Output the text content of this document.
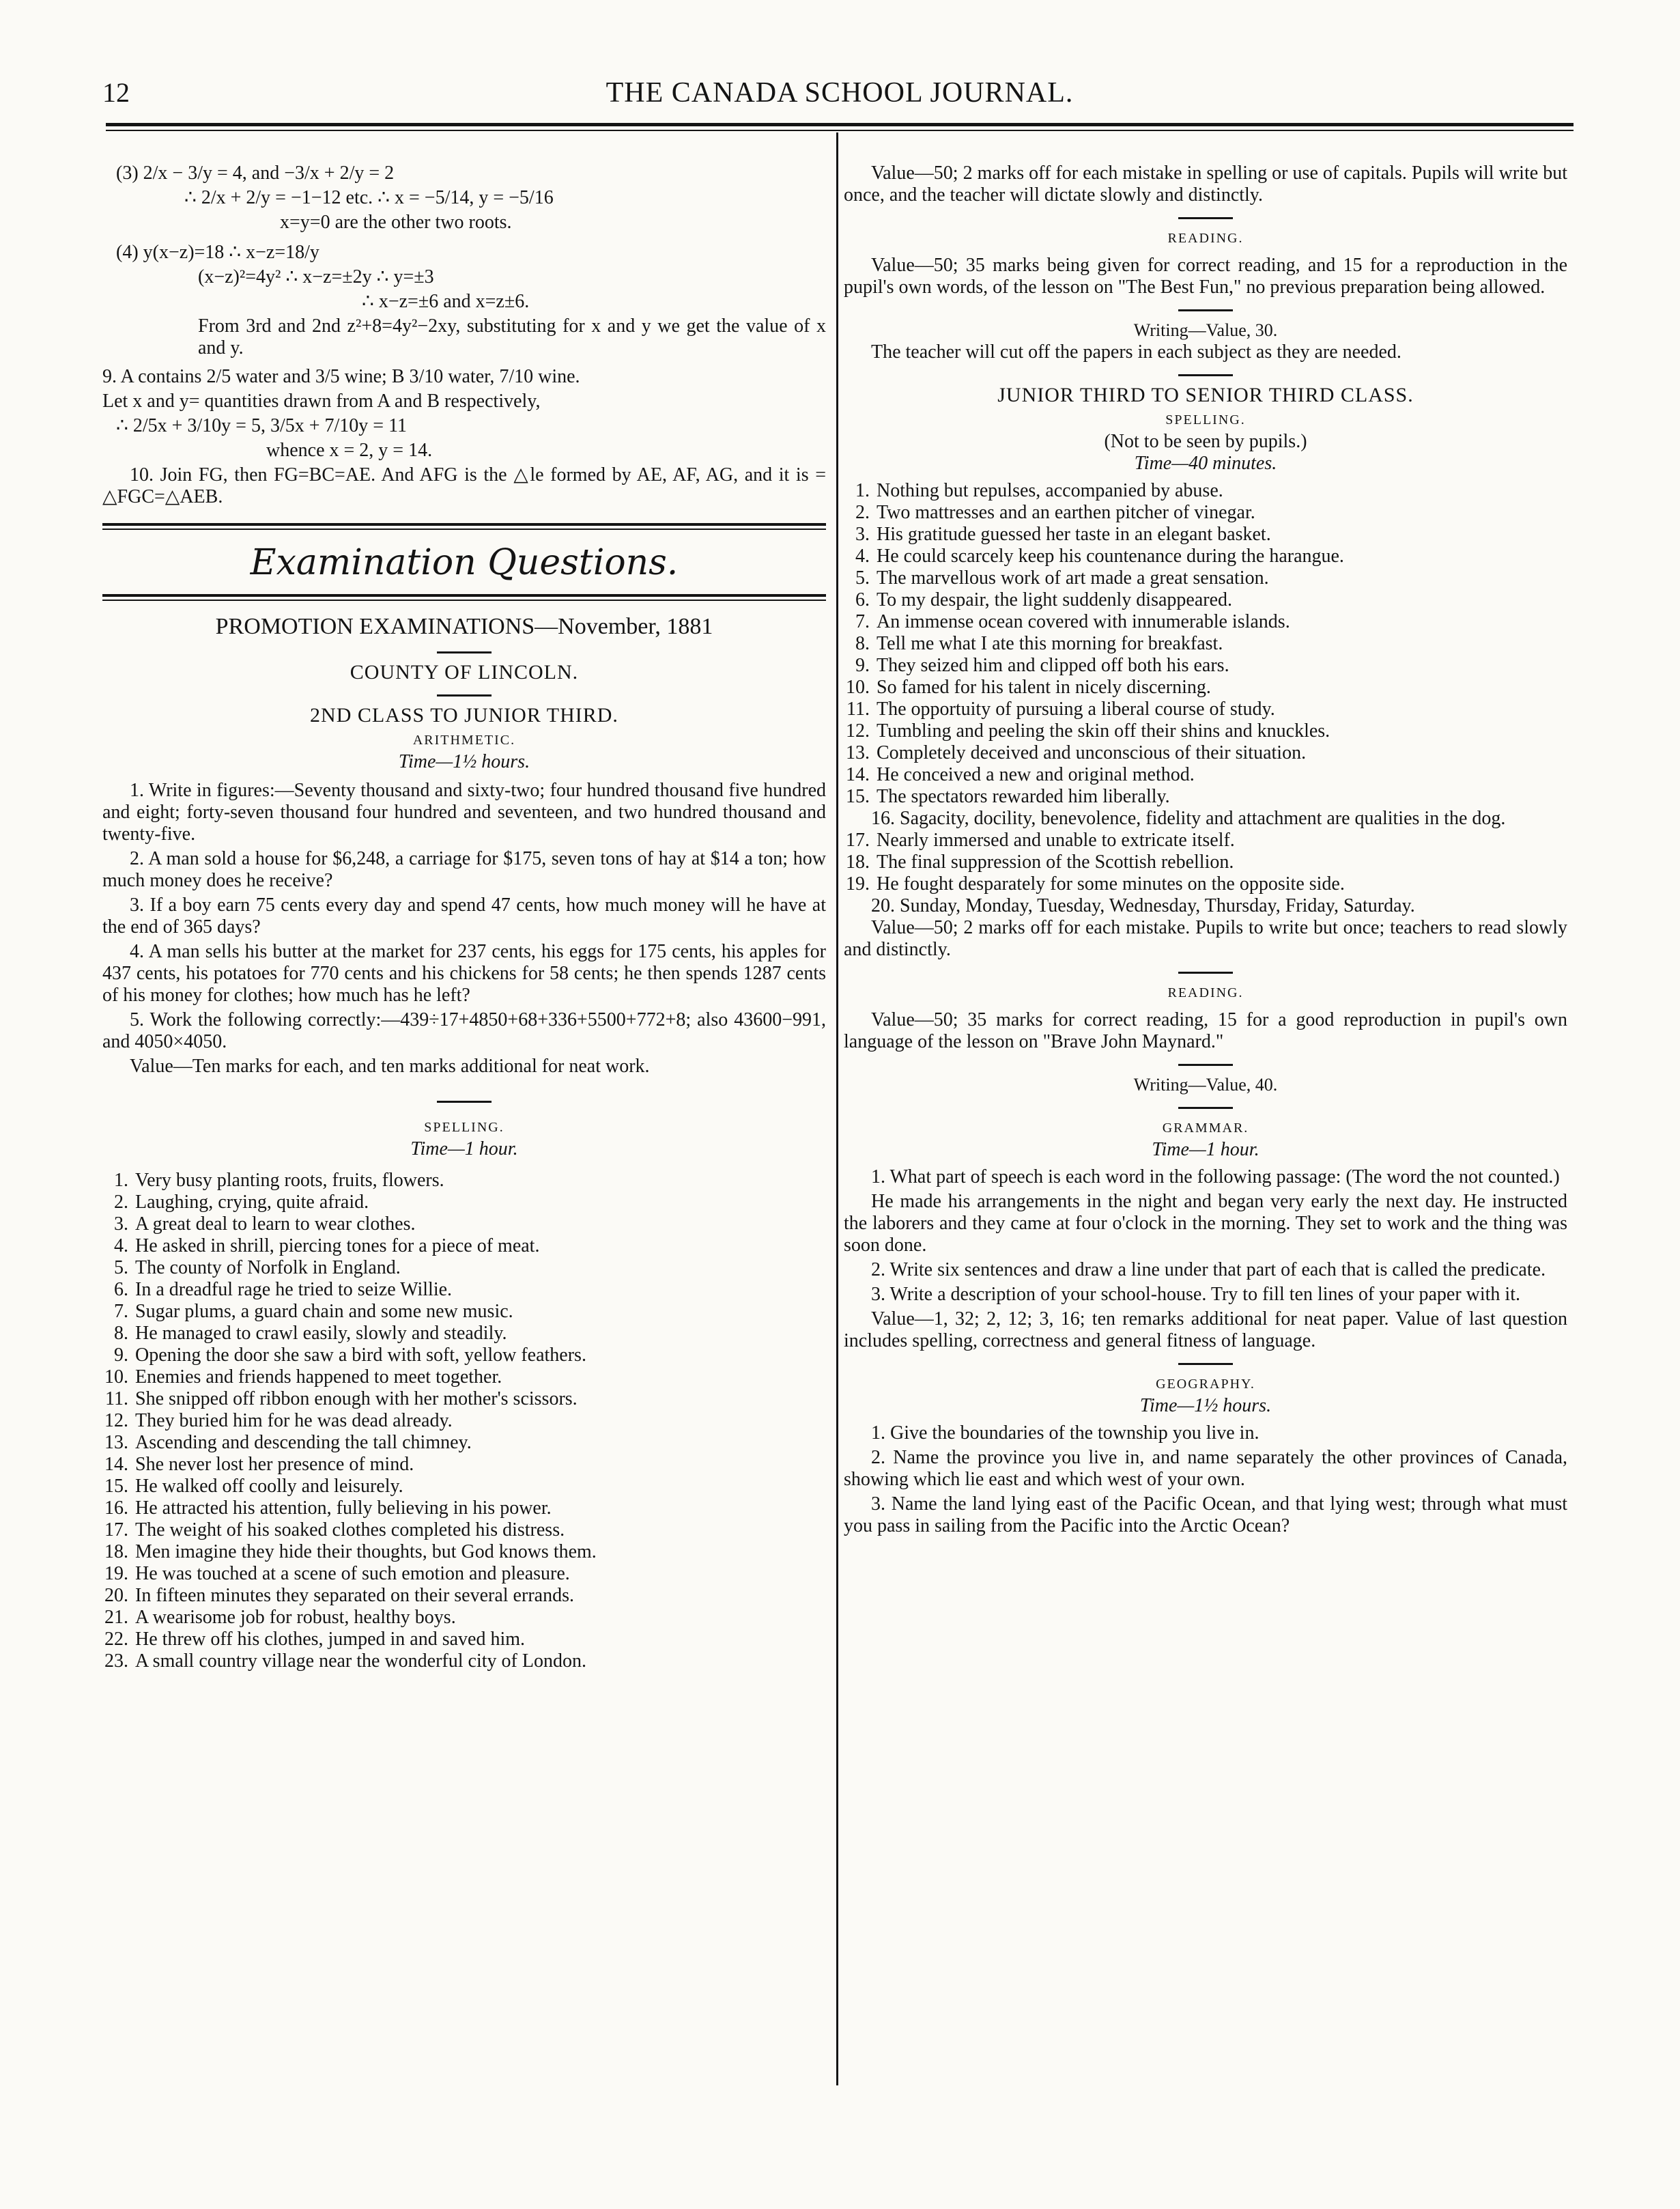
12	THE CANADA SCHOOL JOURNAL.

(3) 2/x − 3/y = 4, and −3/x + 2/y = 2

∴ 2/x + 2/y = −1−12 etc. ∴ x = −5/14, y = −5/16

x=y=0 are the other two roots.

(4) y(x−z)=18 ∴ x−z=18/y

(x−z)²=4y² ∴ x−z=±2y ∴ y=±3

∴ x−z=±6 and x=z±6.

From 3rd and 2nd z²+8=4y²−2xy, substituting for x and y we get the value of x and y.

9. A contains 2/5 water and 3/5 wine; B 3/10 water, 7/10 wine.

Let x and y= quantities drawn from A and B respectively,

∴ 2/5x + 3/10y = 5, 3/5x + 7/10y = 11

whence x = 2, y = 14.

10. Join FG, then FG=BC=AE. And AFG is the △le formed by AE, AF, AG, and it is = △FGC=△AEB.

Examination Questions.
PROMOTION EXAMINATIONS—November, 1881
COUNTY OF LINCOLN.
2ND CLASS TO JUNIOR THIRD.
ARITHMETIC.
Time—1½ hours.

1. Write in figures:—Seventy thousand and sixty-two; four hundred thousand five hundred and eight; forty-seven thousand four hundred and seventeen, and two hundred thousand and twenty-five.

2. A man sold a house for $6,248, a carriage for $175, seven tons of hay at $14 a ton; how much money does he receive?

3. If a boy earn 75 cents every day and spend 47 cents, how much money will he have at the end of 365 days?

4. A man sells his butter at the market for 237 cents, his eggs for 175 cents, his apples for 437 cents, his potatoes for 770 cents and his chickens for 58 cents; he then spends 1287 cents of his money for clothes; how much has he left?

5. Work the following correctly:—439÷17+4850+68+336+5500+772+8; also 43600−991, and 4050×4050.

Value—Ten marks for each, and ten marks additional for neat work.

SPELLING.
Time—1 hour.
1. Very busy planting roots, fruits, flowers.
2. Laughing, crying, quite afraid.
3. A great deal to learn to wear clothes.
4. He asked in shrill, piercing tones for a piece of meat.
5. The county of Norfolk in England.
6. In a dreadful rage he tried to seize Willie.
7. Sugar plums, a guard chain and some new music.
8. He managed to crawl easily, slowly and steadily.
9. Opening the door she saw a bird with soft, yellow feathers.
10. Enemies and friends happened to meet together.
11. She snipped off ribbon enough with her mother's scissors.
12. They buried him for he was dead already.
13. Ascending and descending the tall chimney.
14. She never lost her presence of mind.
15. He walked off coolly and leisurely.
16. He attracted his attention, fully believing in his power.
17. The weight of his soaked clothes completed his distress.
18. Men imagine they hide their thoughts, but God knows them.
19. He was touched at a scene of such emotion and pleasure.
20. In fifteen minutes they separated on their several errands.
21. A wearisome job for robust, healthy boys.
22. He threw off his clothes, jumped in and saved him.
23. A small country village near the wonderful city of London.

Value—50; 2 marks off for each mistake in spelling or use of capitals. Pupils will write but once, and the teacher will dictate slowly and distinctly.

READING.

Value—50; 35 marks being given for correct reading, and 15 for a reproduction in the pupil's own words, of the lesson on "The Best Fun," no previous preparation being allowed.

Writing—Value, 30.

The teacher will cut off the papers in each subject as they are needed.

JUNIOR THIRD TO SENIOR THIRD CLASS.
SPELLING.
(Not to be seen by pupils.)
Time—40 minutes.
1. Nothing but repulses, accompanied by abuse.
2. Two mattresses and an earthen pitcher of vinegar.
3. His gratitude guessed her taste in an elegant basket.
4. He could scarcely keep his countenance during the harangue.
5. The marvellous work of art made a great sensation.
6. To my despair, the light suddenly disappeared.
7. An immense ocean covered with innumerable islands.
8. Tell me what I ate this morning for breakfast.
9. They seized him and clipped off both his ears.
10. So famed for his talent in nicely discerning.
11. The opportuity of pursuing a liberal course of study.
12. Tumbling and peeling the skin off their shins and knuckles.
13. Completely deceived and unconscious of their situation.
14. He conceived a new and original method.
15. The spectators rewarded him liberally.

16. Sagacity, docility, benevolence, fidelity and attachment are qualities in the dog.

17. Nearly immersed and unable to extricate itself.
18. The final suppression of the Scottish rebellion.
19. He fought desparately for some minutes on the opposite side.

20. Sunday, Monday, Tuesday, Wednesday, Thursday, Friday, Saturday.

Value—50; 2 marks off for each mistake. Pupils to write but once; teachers to read slowly and distinctly.

READING.

Value—50; 35 marks for correct reading, 15 for a good reproduction in pupil's own language of the lesson on "Brave John Maynard."

Writing—Value, 40.
GRAMMAR.
Time—1 hour.

1. What part of speech is each word in the following passage: (The word the not counted.)

He made his arrangements in the night and began very early the next day. He instructed the laborers and they came at four o'clock in the morning. They set to work and the thing was soon done.

2. Write six sentences and draw a line under that part of each that is called the predicate.

3. Write a description of your school-house. Try to fill ten lines of your paper with it.

Value—1, 32; 2, 12; 3, 16; ten remarks additional for neat paper. Value of last question includes spelling, correctness and general fitness of language.

GEOGRAPHY.
Time—1½ hours.

1. Give the boundaries of the township you live in.

2. Name the province you live in, and name separately the other provinces of Canada, showing which lie east and which west of your own.

3. Name the land lying east of the Pacific Ocean, and that lying west; through what must you pass in sailing from the Pacific into the Arctic Ocean?
